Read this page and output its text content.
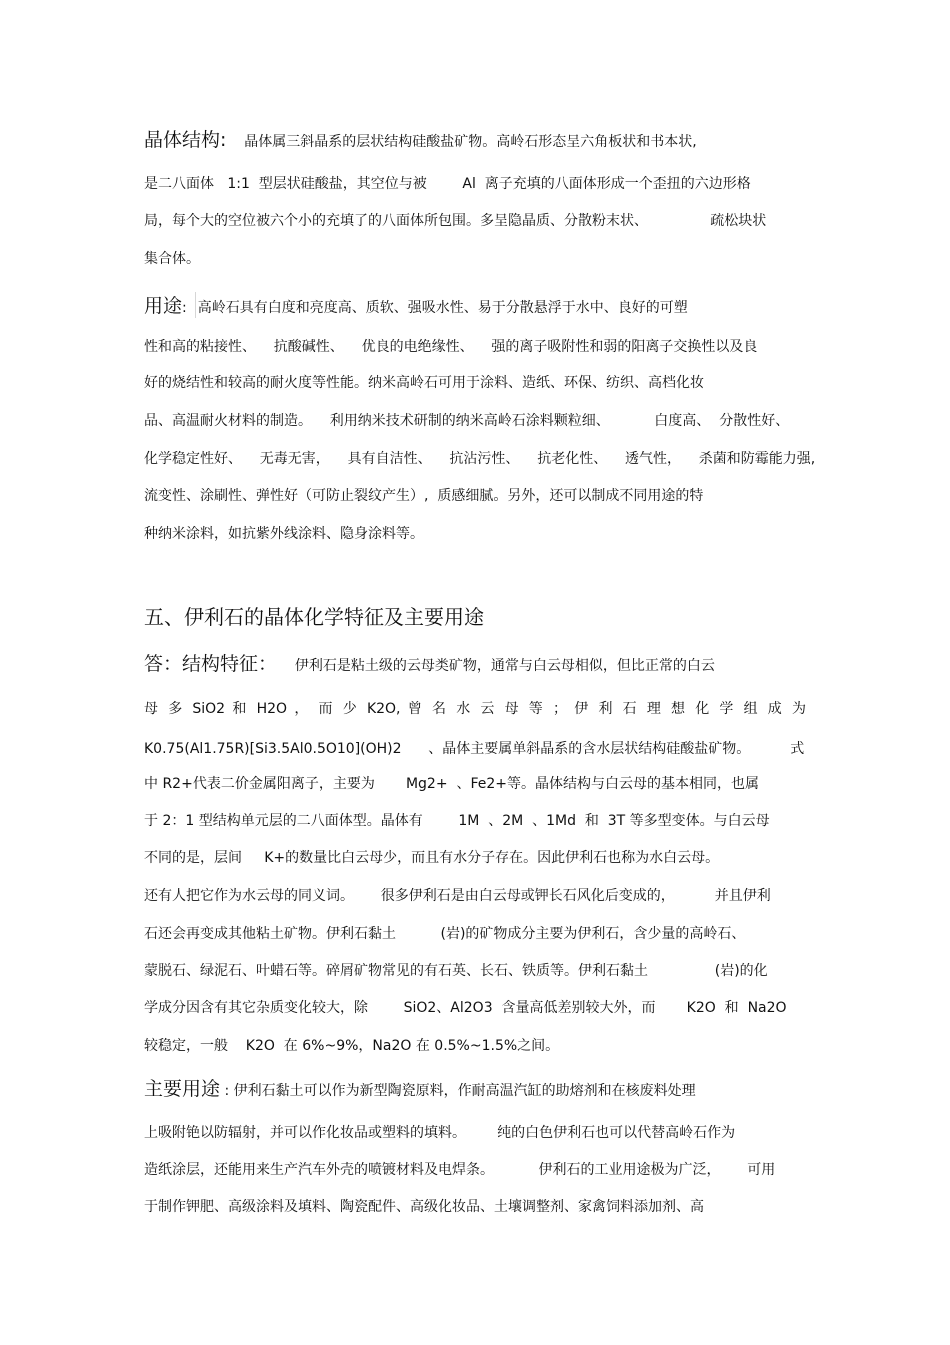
晶体结构: 晶体属三斜晶系的层状结构硅酸盐矿物。高岭石形态呈六角板状和书本状,

是二八面体   1:1  型层状硅酸盐，其空位与被        Al  离子充填的八面体形成一个歪扭的六边形格

局，每个大的空位被六个小的充填了的八面体所包围。多呈隐晶质、分散粉末状、              疏松块状

集合体。

用途: 高岭石具有白度和亮度高、质软、强吸水性、易于分散悬浮于水中、良好的可塑

性和高的粘接性、    抗酸碱性、    优良的电绝缘性、    强的离子吸附性和弱的阳离子交换性以及良

好的烧结性和较高的耐火度等性能。纳米高岭石可用于涂料、造纸、环保、纺织、高档化妆

品、高温耐火材料的制造。    利用纳米技术研制的纳米高岭石涂料颗粒细、          白度高、  分散性好、

化学稳定性好、    无毒无害，    具有自洁性、    抗沾污性、    抗老化性、    透气性，    杀菌和防霉能力强,

流变性、涂刷性、弹性好（可防止裂纹产生）,  质感细腻。另外，还可以制成不同用途的特

种纳米涂料，如抗紫外线涂料、隐身涂料等。

五、伊利石的晶体化学特征及主要用途

答：结构特征： 伊利石是粘土级的云母类矿物，通常与白云母相似，但比正常的白云

母 多 SiO2 和 H2O ， 而 少 K2O, 曾 名 水 云 母 等 ； 伊 利 石 理 想 化 学 组 成 为

K0.75(Al1.75R)[Si3.5Al0.5O10](OH)2      、晶体主要属单斜晶系的含水层状结构硅酸盐矿物。         式

中 R2+代表二价金属阳离子，主要为       Mg2+  、Fe2+等。晶体结构与白云母的基本相同，也属

于 2：1 型结构单元层的二八面体型。晶体有        1M  、2M  、1Md  和  3T 等多型变体。与白云母

不同的是，层间     K+的数量比白云母少，而且有水分子存在。因此伊利石也称为水白云母。

还有人把它作为水云母的同义词。      很多伊利石是由白云母或钾长石风化后变成的，         并且伊利

石还会再变成其他粘土矿物。伊利石黏土          (岩)的矿物成分主要为伊利石，含少量的高岭石、

蒙脱石、绿泥石、叶蜡石等。碎屑矿物常见的有石英、长石、铁质等。伊利石黏土               (岩)的化

学成分因含有其它杂质变化较大，除        SiO2、Al2O3  含量高低差别较大外，而       K2O  和  Na2O

较稳定，一般    K2O  在 6%~9%，Na2O 在 0.5%~1.5%之间。

主要用途 : 伊利石黏土可以作为新型陶瓷原料，作耐高温汽缸的助熔剂和在核废料处理

上吸附铯以防辐射，并可以作化妆品或塑料的填料。       纯的白色伊利石也可以代替高岭石作为

造纸涂层，还能用来生产汽车外壳的喷镀材料及电焊条。          伊利石的工业用途极为广泛，      可用

于制作钾肥、高级涂料及填料、陶瓷配件、高级化妆品、土壤调整剂、家禽饲料添加剂、高
